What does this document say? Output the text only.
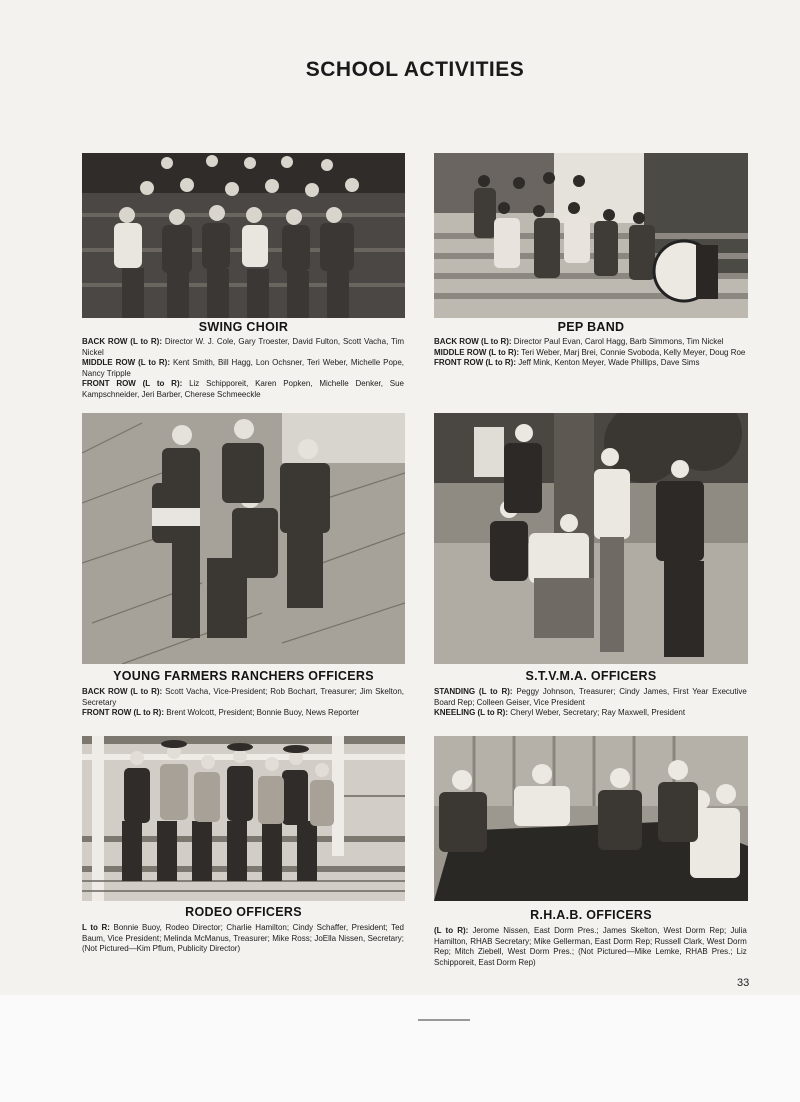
SCHOOL ACTIVITIES
SWING CHOIR

BACK ROW (L to R): Director W. J. Cole, Gary Troester, David Fulton, Scott Vacha, Tim Nickel

MIDDLE ROW (L to R): Kent Smith, Bill Hagg, Lon Ochsner, Teri Weber, Michelle Pope, Nancy Tripple

FRONT ROW (L to R): Liz Schipporeit, Karen Popken, Michelle Denker, Sue Kampschneider, Jeri Barber, Cherese Schmeeckle

PEP BAND

BACK ROW (L to R): Director Paul Evan, Carol Hagg, Barb Simmons, Tim Nickel

MIDDLE ROW (L to R): Teri Weber, Marj Brei, Connie Svoboda, Kelly Meyer, Doug Roe

FRONT ROW (L to R): Jeff Mink, Kenton Meyer, Wade Phillips, Dave Sims

YOUNG FARMERS RANCHERS OFFICERS

BACK ROW (L to R): Scott Vacha, Vice-President; Rob Bochart, Treasurer; Jim Skelton, Secretary

FRONT ROW (L to R): Brent Wolcott, President; Bonnie Buoy, News Reporter

S.T.V.M.A. OFFICERS

STANDING (L to R): Peggy Johnson, Treasurer; Cindy James, First Year Executive Board Rep; Colleen Geiser, Vice President

KNEELING (L to R): Cheryl Weber, Secretary; Ray Maxwell, President

RODEO OFFICERS

L to R: Bonnie Buoy, Rodeo Director; Charlie Hamilton; Cindy Schaffer, President; Ted Baum, Vice President; Melinda McManus, Treasurer; Mike Ross; JoElla Nissen, Secretary; (Not Pictured—Kim Pflum, Publicity Director)

R.H.A.B. OFFICERS

(L to R): Jerome Nissen, East Dorm Pres.; James Skelton, West Dorm Rep; Julia Hamilton, RHAB Secretary; Mike Gellerman, East Dorm Rep; Russell Clark, West Dorm Rep; Mitch Ziebell, West Dorm Pres.; (Not Pictured—Mike Lemke, RHAB Pres.; Liz Schipporeit, East Dorm Rep)

33
